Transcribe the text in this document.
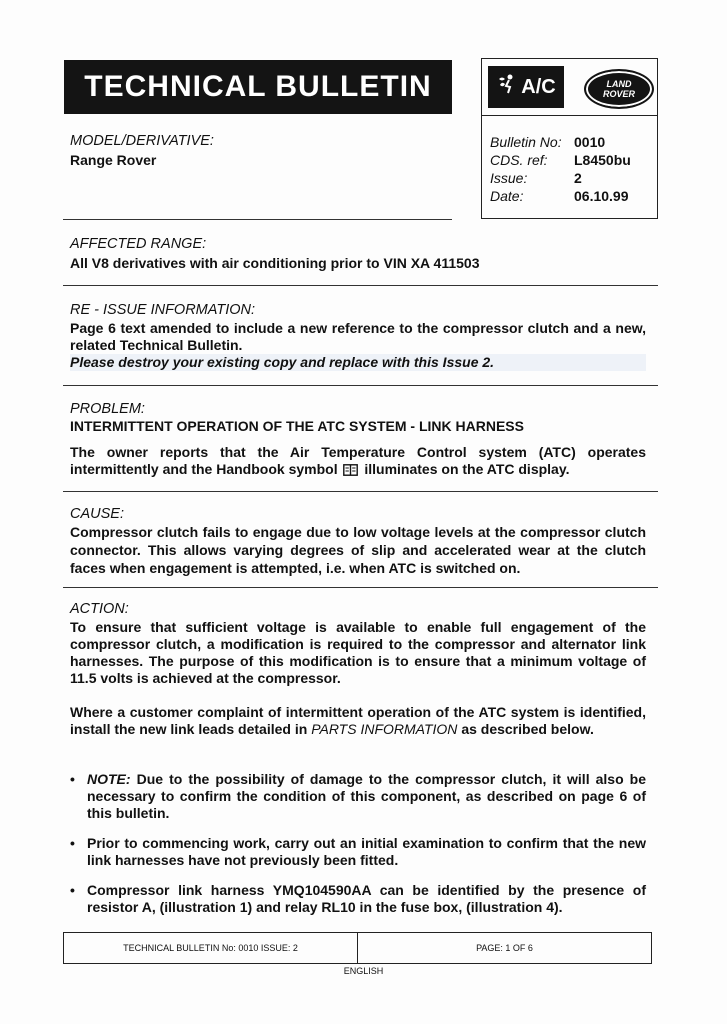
TECHNICAL BULLETIN	A/C	LAND
ROVER
Bulletin No: 0010
CDS. ref:	L8450bu
Issue:	2
Date:	06.10.99
MODEL/DERIVATIVE:
Range Rover
AFFECTED RANGE:
All V8 derivatives with air conditioning prior to VIN XA 411503
RE - ISSUE INFORMATION:
Page 6 text amended to include a new reference to the compressor clutch and a new, related Technical Bulletin.
Please destroy your existing copy and replace with this Issue 2.
PROBLEM:
INTERMITTENT OPERATION OF THE ATC SYSTEM - LINK HARNESS
The owner reports that the Air Temperature Control system (ATC) operates intermittently and the Handbook symbol illuminates on the ATC display.
CAUSE:
Compressor clutch fails to engage due to low voltage levels at the compressor clutch connector. This allows varying degrees of slip and accelerated wear at the clutch faces when engagement is attempted, i.e. when ATC is switched on.
ACTION:
To ensure that sufficient voltage is available to enable full engagement of the compressor clutch, a modification is required to the compressor and alternator link harnesses. The purpose of this modification is to ensure that a minimum voltage of 11.5 volts is achieved at the compressor.
Where a customer complaint of intermittent operation of the ATC system is identified, install the new link leads detailed in PARTS INFORMATION as described below.
• NOTE: Due to the possibility of damage to the compressor clutch, it will also be necessary to confirm the condition of this component, as described on page 6 of this bulletin.
• Prior to commencing work, carry out an initial examination to confirm that the new link harnesses have not previously been fitted.
• Compressor link harness YMQ104590AA can be identified by the presence of resistor A, (illustration 1) and relay RL10 in the fuse box, (illustration 4).
TECHNICAL BULLETIN No: 0010 ISSUE: 2	PAGE: 1 OF 6
ENGLISH
